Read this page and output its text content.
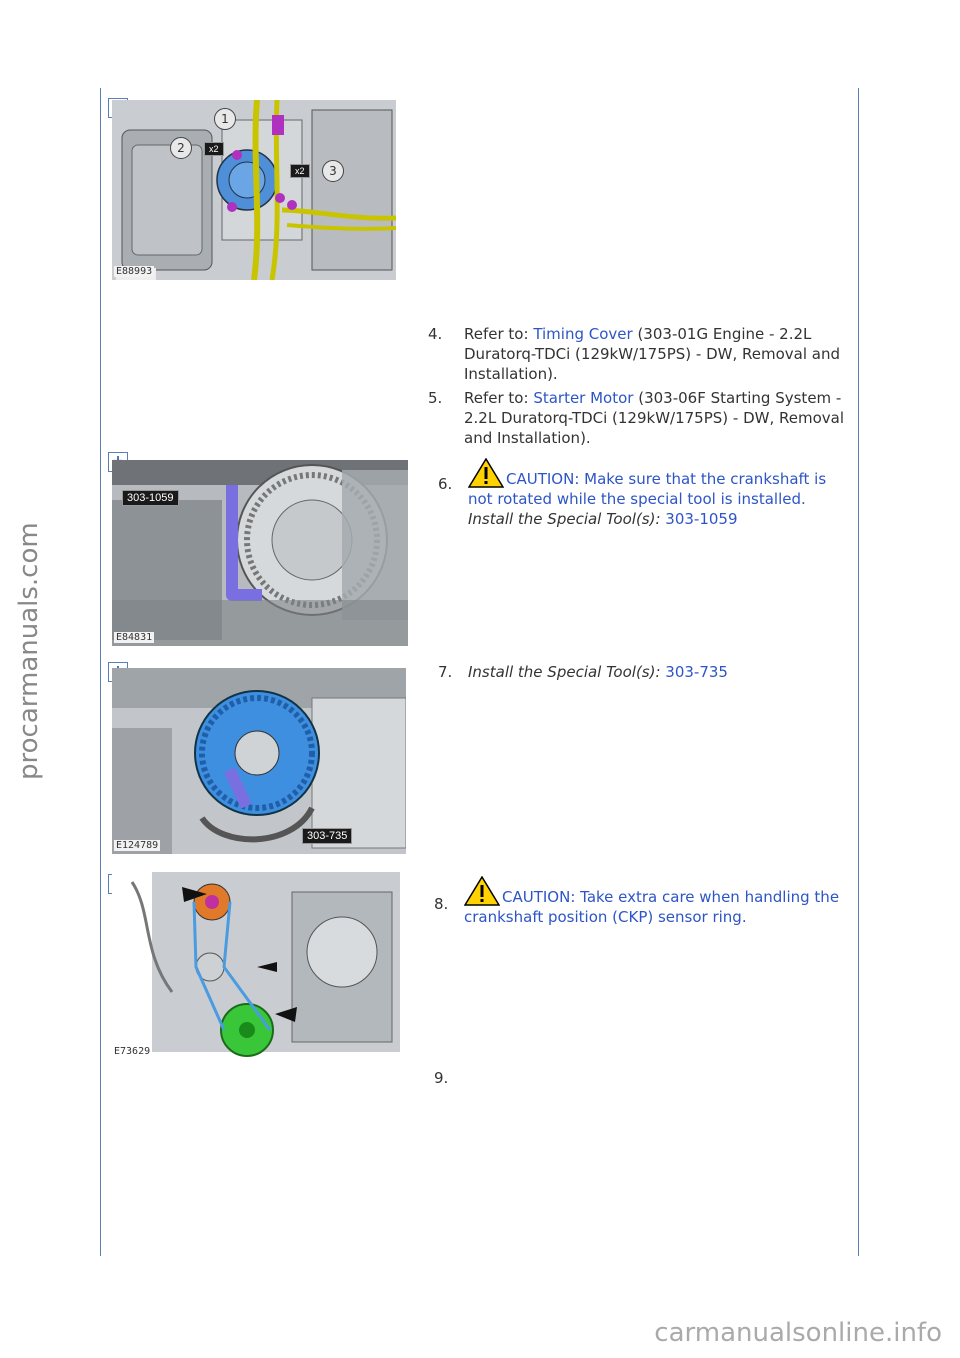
procarmanuals.com
carmanualsonline.info
1
2
3
x2
x2
E88993
4. Refer to: Timing Cover (303-01G Engine - 2.2L Duratorq-TDCi (129kW/175PS) - DW, Removal and Installation).
5. Refer to: Starter Motor (303-06F Starting System - 2.2L Duratorq-TDCi (129kW/175PS) - DW, Removal and Installation).
303-1059
E84831
6.	CAUTION: Make sure that the crankshaft is not rotated while the special tool is installed.
Install the Special Tool(s): 303-1059
303-735
E124789
7. Install the Special Tool(s): 303-735
E73629
8.	CAUTION: Take extra care when handling the crankshaft position (CKP) sensor ring.
9.
